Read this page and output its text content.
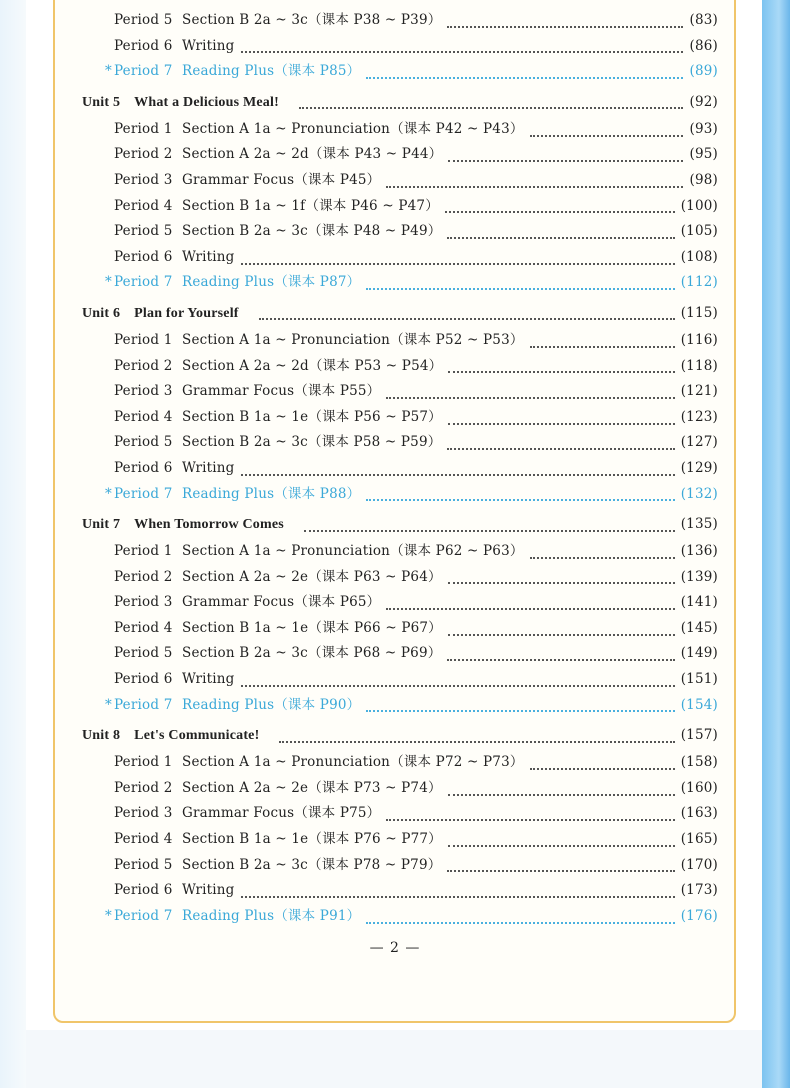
Period 5 Section B 2a ~ 3c（课本 P38 ~ P39）	(83)
Period 6 Writing	(86)
* Period 7 Reading Plus（课本 P85）	(89)
Unit 5 What a Delicious Meal!	(92)
Period 1 Section A 1a ~ Pronunciation（课本 P42 ~ P43）	(93)
Period 2 Section A 2a ~ 2d（课本 P43 ~ P44）	(95)
Period 3 Grammar Focus（课本 P45）	(98)
Period 4 Section B 1a ~ 1f（课本 P46 ~ P47）	(100)
Period 5 Section B 2a ~ 3c（课本 P48 ~ P49）	(105)
Period 6 Writing	(108)
* Period 7 Reading Plus（课本 P87）	(112)
Unit 6 Plan for Yourself	(115)
Period 1 Section A 1a ~ Pronunciation（课本 P52 ~ P53）	(116)
Period 2 Section A 2a ~ 2d（课本 P53 ~ P54）	(118)
Period 3 Grammar Focus（课本 P55）	(121)
Period 4 Section B 1a ~ 1e（课本 P56 ~ P57）	(123)
Period 5 Section B 2a ~ 3c（课本 P58 ~ P59）	(127)
Period 6 Writing	(129)
* Period 7 Reading Plus（课本 P88）	(132)
Unit 7 When Tomorrow Comes	(135)
Period 1 Section A 1a ~ Pronunciation（课本 P62 ~ P63）	(136)
Period 2 Section A 2a ~ 2e（课本 P63 ~ P64）	(139)
Period 3 Grammar Focus（课本 P65）	(141)
Period 4 Section B 1a ~ 1e（课本 P66 ~ P67）	(145)
Period 5 Section B 2a ~ 3c（课本 P68 ~ P69）	(149)
Period 6 Writing	(151)
* Period 7 Reading Plus（课本 P90）	(154)
Unit 8 Let's Communicate!	(157)
Period 1 Section A 1a ~ Pronunciation（课本 P72 ~ P73）	(158)
Period 2 Section A 2a ~ 2e（课本 P73 ~ P74）	(160)
Period 3 Grammar Focus（课本 P75）	(163)
Period 4 Section B 1a ~ 1e（课本 P76 ~ P77）	(165)
Period 5 Section B 2a ~ 3c（课本 P78 ~ P79）	(170)
Period 6 Writing	(173)
* Period 7 Reading Plus（课本 P91）	(176)
— 2 —
